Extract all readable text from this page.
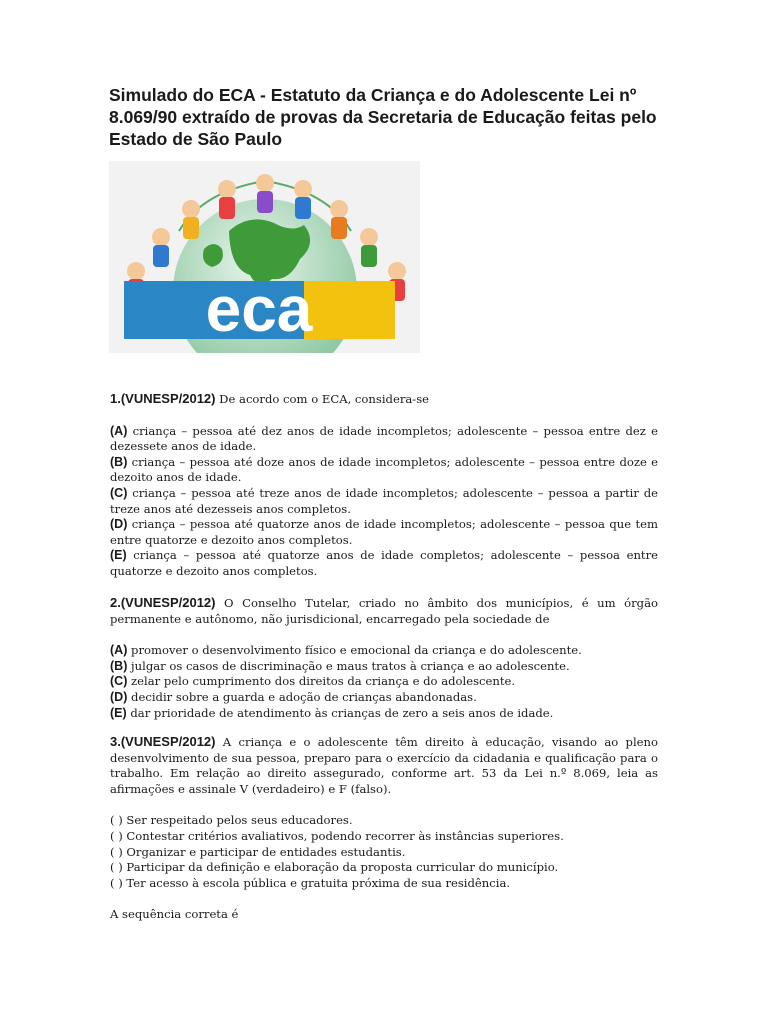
Simulado do ECA - Estatuto da Criança e do Adolescente Lei nº 8.069/90 extraído de provas da Secretaria de Educação feitas pelo Estado de São Paulo
eca

1.(VUNESP/2012) De acordo com o ECA, considera-se

(A) criança – pessoa até dez anos de idade incompletos; adolescente – pessoa entre dez e dezessete anos de idade.

(B) criança – pessoa até doze anos de idade incompletos; adolescente – pessoa entre doze e dezoito anos de idade.

(C) criança – pessoa até treze anos de idade incompletos; adolescente – pessoa a partir de treze anos até dezesseis anos completos.

(D) criança – pessoa até quatorze anos de idade incompletos; adolescente – pessoa que tem entre quatorze e dezoito anos completos.

(E) criança – pessoa até quatorze anos de idade completos; adolescente – pessoa entre quatorze e dezoito anos completos.

2.(VUNESP/2012) O Conselho Tutelar, criado no âmbito dos municípios, é um órgão permanente e autônomo, não jurisdicional, encarregado pela sociedade de

(A) promover o desenvolvimento físico e emocional da criança e do adolescente.

(B) julgar os casos de discriminação e maus tratos à criança e ao adolescente.

(C) zelar pelo cumprimento dos direitos da criança e do adolescente.

(D) decidir sobre a guarda e adoção de crianças abandonadas.

(E) dar prioridade de atendimento às crianças de zero a seis anos de idade.

3.(VUNESP/2012) A criança e o adolescente têm direito à educação, visando ao pleno desenvolvimento de sua pessoa, preparo para o exercício da cidadania e qualificação para o trabalho. Em relação ao direito assegurado, conforme art. 53 da Lei n.º 8.069, leia as afirmações e assinale V (verdadeiro) e F (falso).

( ) Ser respeitado pelos seus educadores.

( ) Contestar critérios avaliativos, podendo recorrer às instâncias superiores.

( ) Organizar e participar de entidades estudantis.

( ) Participar da definição e elaboração da proposta curricular do município.

( ) Ter acesso à escola pública e gratuita próxima de sua residência.

A sequência correta é
